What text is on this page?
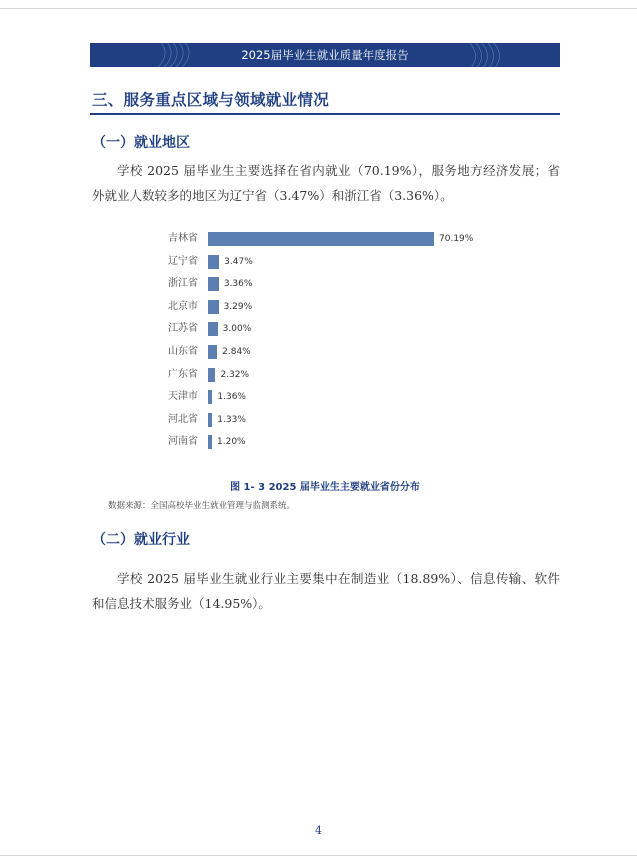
2025届毕业生就业质量年度报告
三、服务重点区域与领域就业情况
（一）就业地区

学校 2025 届毕业生主要选择在省内就业（70.19%），服务地方经济发展；省外就业人数较多的地区为辽宁省（3.47%）和浙江省（3.36%）。

吉林省	70.19%
辽宁省	3.47%
浙江省	3.36%
北京市	3.29%
江苏省	3.00%
山东省	2.84%
广东省 2.32%
天津市 1.36%
河北省 1.33%
河南省 1.20%
图 1- 3 2025 届毕业生主要就业省份分布
数据来源：全国高校毕业生就业管理与监测系统。
（二）就业行业

学校 2025 届毕业生就业行业主要集中在制造业（18.89%）、信息传输、软件和信息技术服务业（14.95%）。

4
